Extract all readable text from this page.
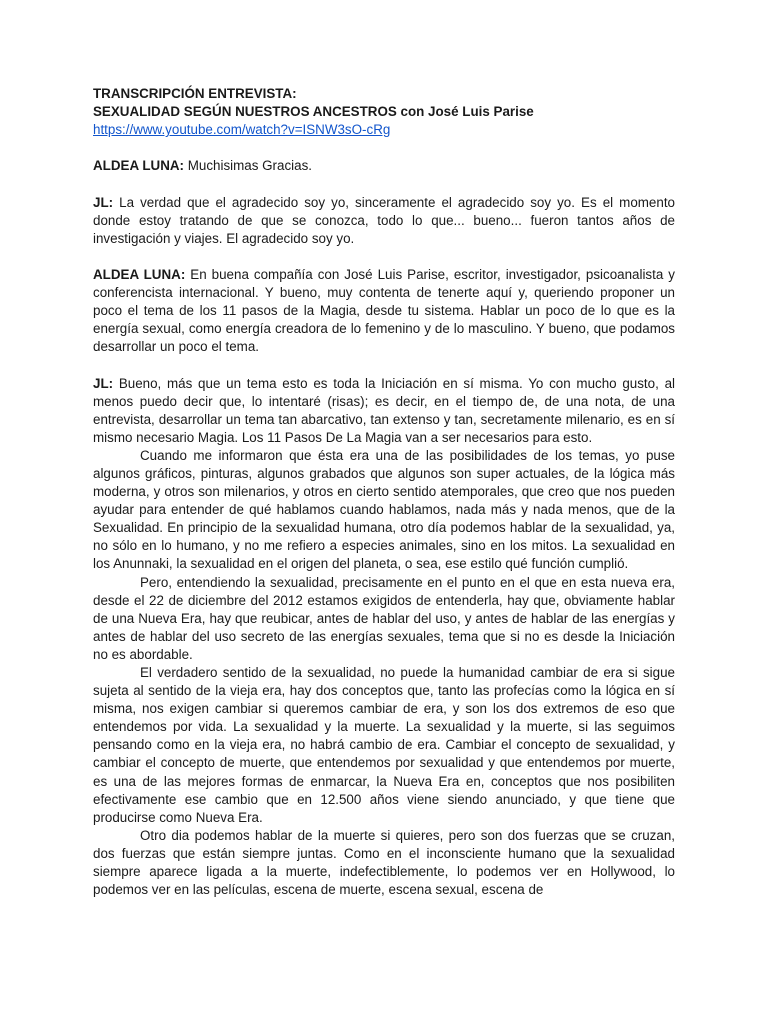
TRANSCRIPCIÓN ENTREVISTA:
SEXUALIDAD SEGÚN NUESTROS ANCESTROS con José Luis Parise
https://www.youtube.com/watch?v=ISNW3sO-cRg

ALDEA LUNA: Muchisimas Gracias.

JL: La verdad que el agradecido soy yo, sinceramente el agradecido soy yo. Es el momento donde estoy tratando de que se conozca, todo lo que... bueno... fueron tantos años de investigación y viajes. El agradecido soy yo.

ALDEA LUNA: En buena compañía con José Luis Parise, escritor, investigador, psicoanalista y conferencista internacional. Y bueno, muy contenta de tenerte aquí y, queriendo proponer un poco el tema de los 11 pasos de la Magia, desde tu sistema. Hablar un poco de lo que es la energía sexual, como energía creadora de lo femenino y de lo masculino. Y bueno, que podamos desarrollar un poco el tema.

JL: Bueno, más que un tema esto es toda la Iniciación en sí misma. Yo con mucho gusto, al menos puedo decir que, lo intentaré (risas); es decir, en el tiempo de, de una nota, de una entrevista, desarrollar un tema tan abarcativo, tan extenso y tan, secretamente milenario, es en sí mismo necesario Magia. Los 11 Pasos De La Magia van a ser necesarios para esto.

Cuando me informaron que ésta era una de las posibilidades de los temas, yo puse algunos gráficos, pinturas, algunos grabados que algunos son super actuales, de la lógica más moderna, y otros son milenarios, y otros en cierto sentido atemporales, que creo que nos pueden ayudar para entender de qué hablamos cuando hablamos, nada más y nada menos, que de la Sexualidad. En principio de la sexualidad humana, otro día podemos hablar de la sexualidad, ya, no sólo en lo humano, y no me refiero a especies animales, sino en los mitos. La sexualidad en los Anunnaki, la sexualidad en el origen del planeta, o sea, ese estilo qué función cumplió.

Pero, entendiendo la sexualidad, precisamente en el punto en el que en esta nueva era, desde el 22 de diciembre del 2012 estamos exigidos de entenderla, hay que, obviamente hablar de una Nueva Era, hay que reubicar, antes de hablar del uso, y antes de hablar de las energías y antes de hablar del uso secreto de las energías sexuales, tema que si no es desde la Iniciación no es abordable.

El verdadero sentido de la sexualidad, no puede la humanidad cambiar de era si sigue sujeta al sentido de la vieja era, hay dos conceptos que, tanto las profecías como la lógica en sí misma, nos exigen cambiar si queremos cambiar de era, y son los dos extremos de eso que entendemos por vida. La sexualidad y la muerte. La sexualidad y la muerte, si las seguimos pensando como en la vieja era, no habrá cambio de era. Cambiar el concepto de sexualidad, y cambiar el concepto de muerte, que entendemos por sexualidad y que entendemos por muerte, es una de las mejores formas de enmarcar, la Nueva Era en, conceptos que nos posibiliten efectivamente ese cambio que en 12.500 años viene siendo anunciado, y que tiene que producirse como Nueva Era.

Otro dia podemos hablar de la muerte si quieres, pero son dos fuerzas que se cruzan, dos fuerzas que están siempre juntas. Como en el inconsciente humano que la sexualidad siempre aparece ligada a la muerte, indefectiblemente, lo podemos ver en Hollywood, lo podemos ver en las películas, escena de muerte, escena sexual, escena de
